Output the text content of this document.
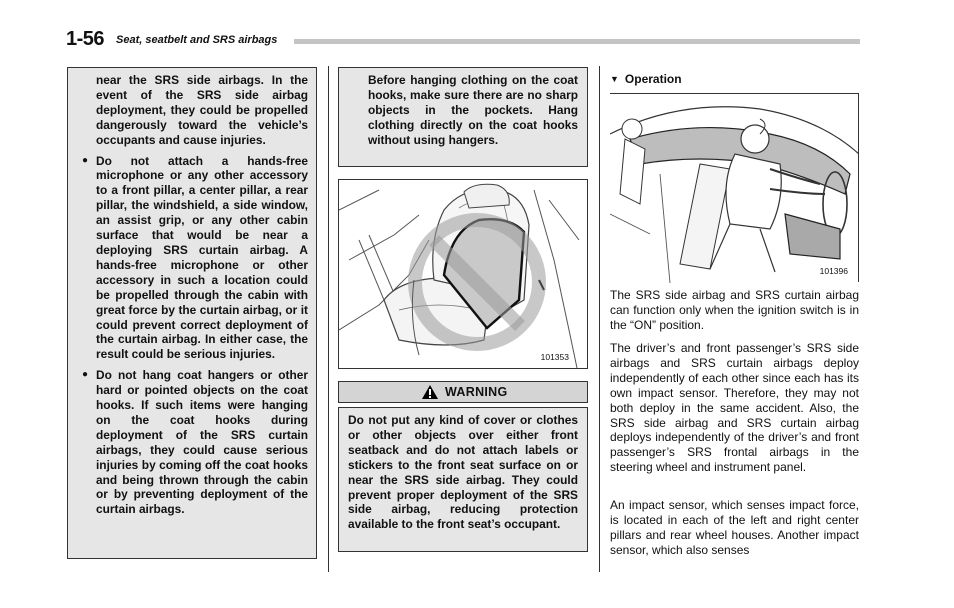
1-56 Seat, seatbelt and SRS airbags
near the SRS side airbags. In the event of the SRS side airbag deployment, they could be propelled dangerously toward the vehicle’s occupants and cause injuries.
● Do not attach a hands-free microphone or any other accessory to a front pillar, a center pillar, a rear pillar, the windshield, a side window, an assist grip, or any other cabin surface that would be near a deploying SRS curtain airbag. A hands-free microphone or other accessory in such a location could be propelled through the cabin with great force by the curtain airbag, or it could prevent correct deployment of the curtain airbag. In either case, the result could be serious injuries.
● Do not hang coat hangers or other hard or pointed objects on the coat hooks. If such items were hanging on the coat hooks during deployment of the SRS curtain airbags, they could cause serious injuries by coming off the coat hooks and being thrown through the cabin or by preventing deployment of the curtain airbags.
Before hanging clothing on the coat hooks, make sure there are no sharp objects in the pockets. Hang clothing directly on the coat hooks without using hangers.
101353
WARNING
Do not put any kind of cover or clothes or other objects over either front seatback and do not attach labels or stickers to the front seat surface on or near the SRS side airbag. They could prevent proper deployment of the SRS side airbag, reducing protection available to the front seat’s occupant.
▼ Operation
101396
The SRS side airbag and SRS curtain airbag can function only when the ignition switch is in the “ON” position.
The driver’s and front passenger’s SRS side airbags and SRS curtain airbags deploy independently of each other since each has its own impact sensor. Therefore, they may not both deploy in the same accident. Also, the SRS side airbag and SRS curtain airbag deploys independently of the driver’s and front passenger’s SRS frontal airbags in the steering wheel and instrument panel.
An impact sensor, which senses impact force, is located in each of the left and right center pillars and rear wheel houses. Another impact sensor, which also senses
